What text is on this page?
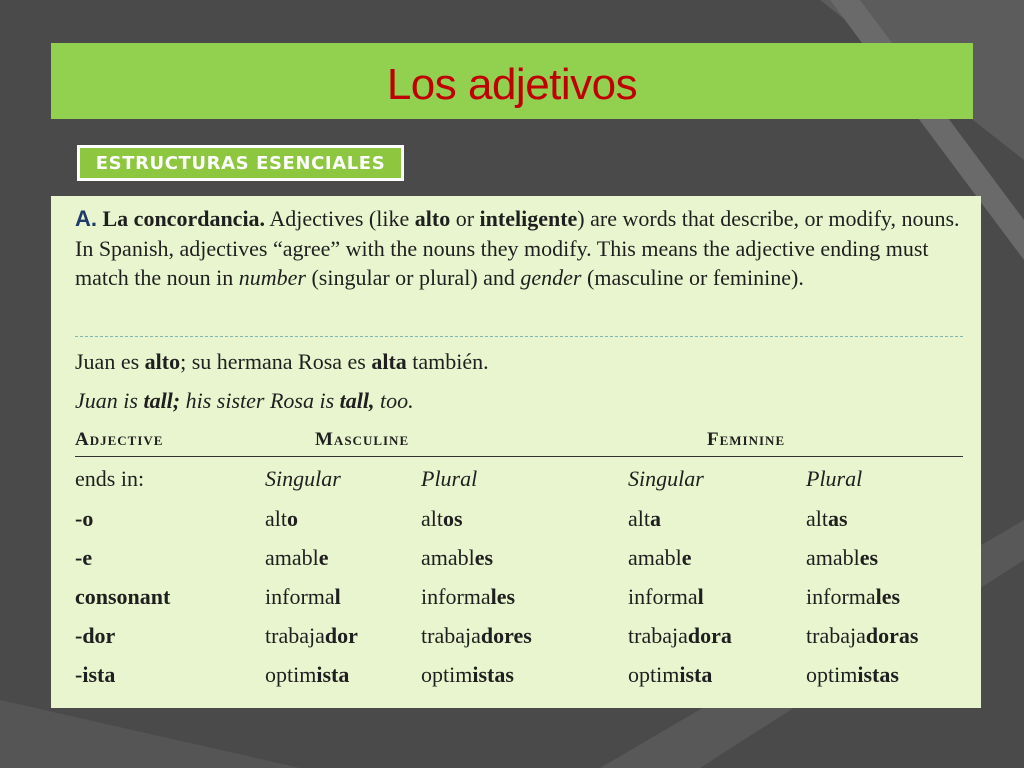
Los adjetivos
ESTRUCTURAS ESENCIALES
A. La concordancia. Adjectives (like alto or inteligente) are words that describe, or modify, nouns. In Spanish, adjectives “agree” with the nouns they modify. This means the adjective ending must match the noun in number (singular or plural) and gender (masculine or feminine).
Juan es alto; su hermana Rosa es alta también.
Juan is tall; his sister Rosa is tall, too.
Adjective	Masculine	Feminine
ends in:	Singular	Plural	Singular	Plural
-o	alto	altos	alta	altas
-e	amable	amables	amable	amables
consonant	informal	informales	informal	informales
-dor	trabajador	trabajadores	trabajadora	trabajadoras
-ista	optimista	optimistas	optimista	optimistas
